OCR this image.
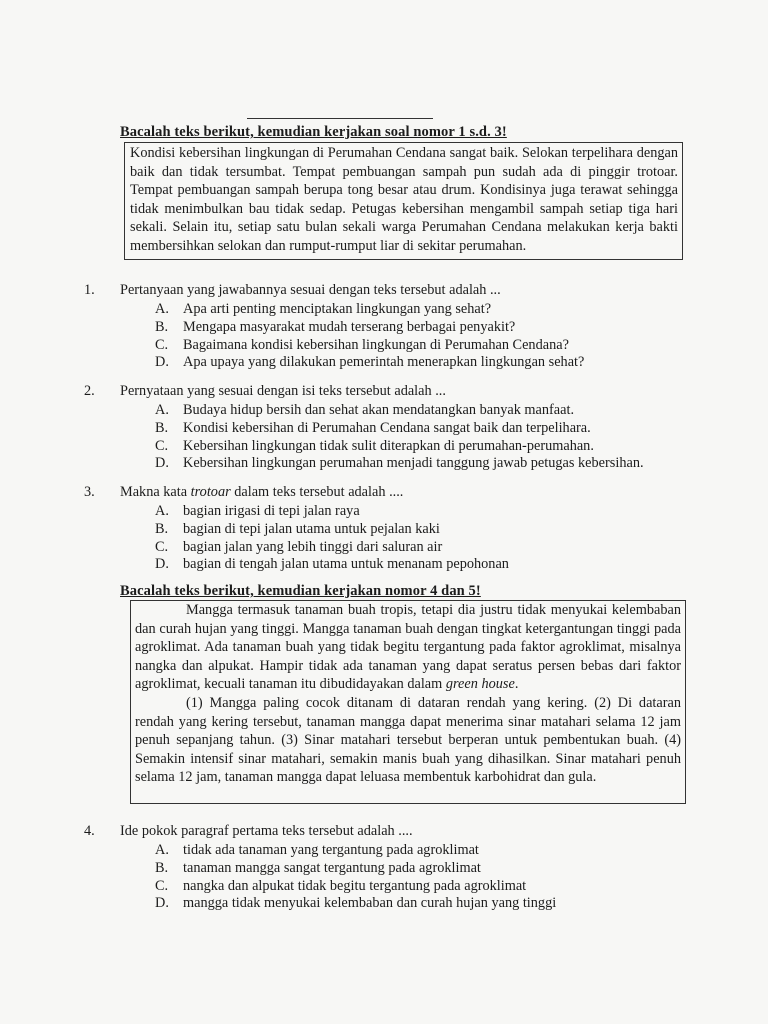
Bacalah teks berikut, kemudian kerjakan soal nomor 1 s.d. 3!

Kondisi kebersihan lingkungan di Perumahan Cendana sangat baik. Selokan terpelihara dengan baik dan tidak tersumbat. Tempat pembuangan sampah pun sudah ada di pinggir trotoar. Tempat pembuangan sampah berupa tong besar atau drum. Kondisinya juga terawat sehingga tidak menimbulkan bau tidak sedap. Petugas kebersihan mengambil sampah setiap tiga hari sekali. Selain itu, setiap satu bulan sekali warga Perumahan Cendana melakukan kerja bakti membersihkan selokan dan rumput-rumput liar di sekitar perumahan.

1.	Pertanyaan yang jawabannya sesuai dengan teks tersebut adalah ...
A. Apa arti penting menciptakan lingkungan yang sehat?
B.	Mengapa masyarakat mudah terserang berbagai penyakit?
C.	Bagaimana kondisi kebersihan lingkungan di Perumahan Cendana?
D. Apa upaya yang dilakukan pemerintah menerapkan lingkungan sehat?
2.	Pernyataan yang sesuai dengan isi teks tersebut adalah ...
A. Budaya hidup bersih dan sehat akan mendatangkan banyak manfaat.
B.	Kondisi kebersihan di Perumahan Cendana sangat baik dan terpelihara.
C.	Kebersihan lingkungan tidak sulit diterapkan di perumahan-perumahan.
D. Kebersihan lingkungan perumahan menjadi tanggung jawab petugas kebersihan.
3.	Makna kata trotoar dalam teks tersebut adalah ....
A. bagian irigasi di tepi jalan raya
B.	bagian di tepi jalan utama untuk pejalan kaki
C.	bagian jalan yang lebih tinggi dari saluran air
D. bagian di tengah jalan utama untuk menanam pepohonan
Bacalah teks berikut, kemudian kerjakan nomor 4 dan 5!

Mangga termasuk tanaman buah tropis, tetapi dia justru tidak menyukai kelembaban dan curah hujan yang tinggi. Mangga tanaman buah dengan tingkat ketergantungan tinggi pada agroklimat. Ada tanaman buah yang tidak begitu tergantung pada faktor agroklimat, misalnya nangka dan alpukat. Hampir tidak ada tanaman yang dapat seratus persen bebas dari faktor agroklimat, kecuali tanaman itu dibudidayakan dalam green house.

(1) Mangga paling cocok ditanam di dataran rendah yang kering. (2) Di dataran rendah yang kering tersebut, tanaman mangga dapat menerima sinar matahari selama 12 jam penuh sepanjang tahun. (3) Sinar matahari tersebut berperan untuk pembentukan buah. (4) Semakin intensif sinar matahari, semakin manis buah yang dihasilkan. Sinar matahari penuh selama 12 jam, tanaman mangga dapat leluasa membentuk karbohidrat dan gula.

4.	Ide pokok paragraf pertama teks tersebut adalah ....
A. tidak ada tanaman yang tergantung pada agroklimat
B.	tanaman mangga sangat tergantung pada agroklimat
C.	nangka dan alpukat tidak begitu tergantung pada agroklimat
D. mangga tidak menyukai kelembaban dan curah hujan yang tinggi
